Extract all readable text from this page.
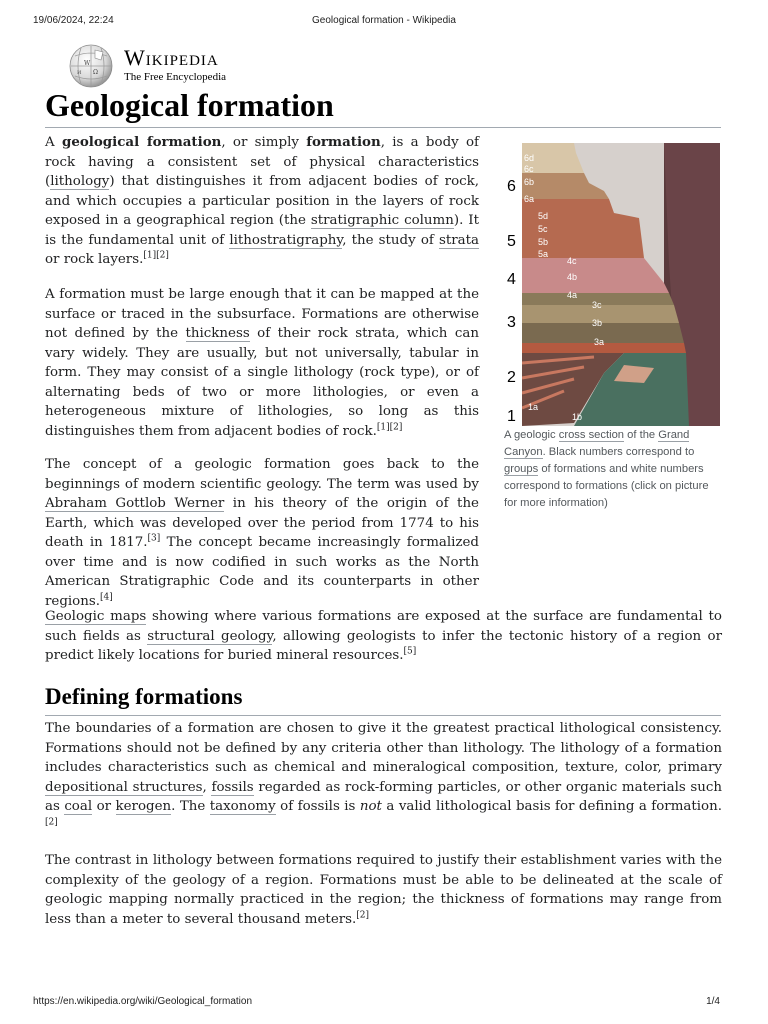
19/06/2024, 22:24	Geological formation - Wikipedia
W
Ω
И
Wikipedia
The Free Encyclopedia
Geological formation

A geological formation, or simply formation, is a body of rock having a consistent set of physical characteristics (lithology) that distinguishes it from adjacent bodies of rock, and which occupies a particular position in the layers of rock exposed in a geographical region (the stratigraphic column). It is the fundamental unit of lithostratigraphy, the study of strata or rock layers.[1][2]

A formation must be large enough that it can be mapped at the surface or traced in the subsurface. Formations are otherwise not defined by the thickness of their rock strata, which can vary widely. They are usually, but not universally, tabular in form. They may consist of a single lithology (rock type), or of alternating beds of two or more lithologies, or even a heterogeneous mixture of lithologies, so long as this distinguishes them from adjacent bodies of rock.[1][2]

The concept of a geologic formation goes back to the beginnings of modern scientific geology. The term was used by Abraham Gottlob Werner in his theory of the origin of the Earth, which was developed over the period from 1774 to his death in 1817.[3] The concept became increasingly formalized over time and is now codified in such works as the North American Stratigraphic Code and its counterparts in other regions.[4]

Geologic maps showing where various formations are exposed at the surface are fundamental to such fields as structural geology, allowing geologists to infer the tectonic history of a region or predict likely locations for buried mineral resources.[5]

Defining formations

The boundaries of a formation are chosen to give it the greatest practical lithological consistency. Formations should not be defined by any criteria other than lithology. The lithology of a formation includes characteristics such as chemical and mineralogical composition, texture, color, primary depositional structures, fossils regarded as rock-forming particles, or other organic materials such as coal or kerogen. The taxonomy of fossils is not a valid lithological basis for defining a formation.[2]

The contrast in lithology between formations required to justify their establishment varies with the complexity of the geology of a region. Formations must be able to be delineated at the scale of geologic mapping normally practiced in the region; the thickness of formations may range from less than a meter to several thousand meters.[2]

6
5
4
3
2
1
6d
6c
6b
6a
5d
5c
5b
5a
4c
4b
4a
3c
3b
3a
1a
1b
A geologic cross section of the Grand Canyon. Black numbers correspond to groups of formations and white numbers correspond to formations (click on picture for more information)
https://en.wikipedia.org/wiki/Geological_formation	1/4
